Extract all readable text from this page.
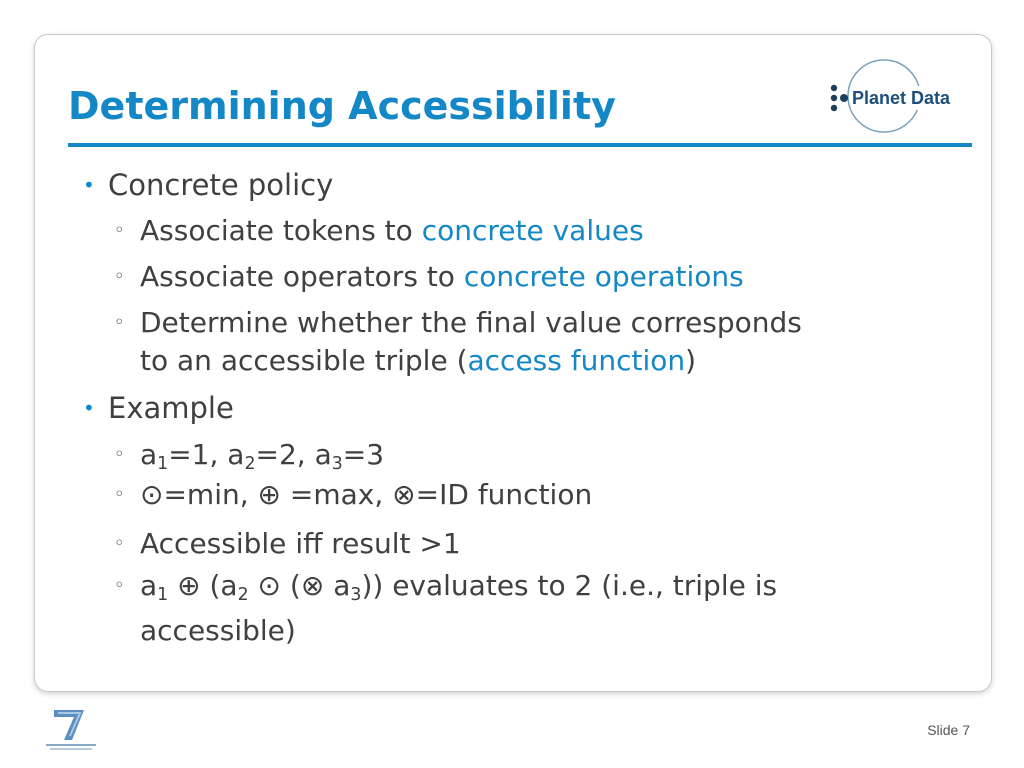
Determining Accessibility	Planet Data
• Concrete policy
◦ Associate tokens to concrete values
◦ Associate operators to concrete operations
◦ Determine whether the final value corresponds
to an accessible triple (access function)
• Example
◦ $a_1=1$, $a_2=2$, $a_3=3$
◦ ⊙=min, ⊕ =max, ⊗=ID function
◦ Accessible iff result >1
◦ $a_1$ ⊕ ($a_2$ ⊙ (⊗ $a_3$)) evaluates to 2 (i.e., triple is
accessible)
Slide 7
